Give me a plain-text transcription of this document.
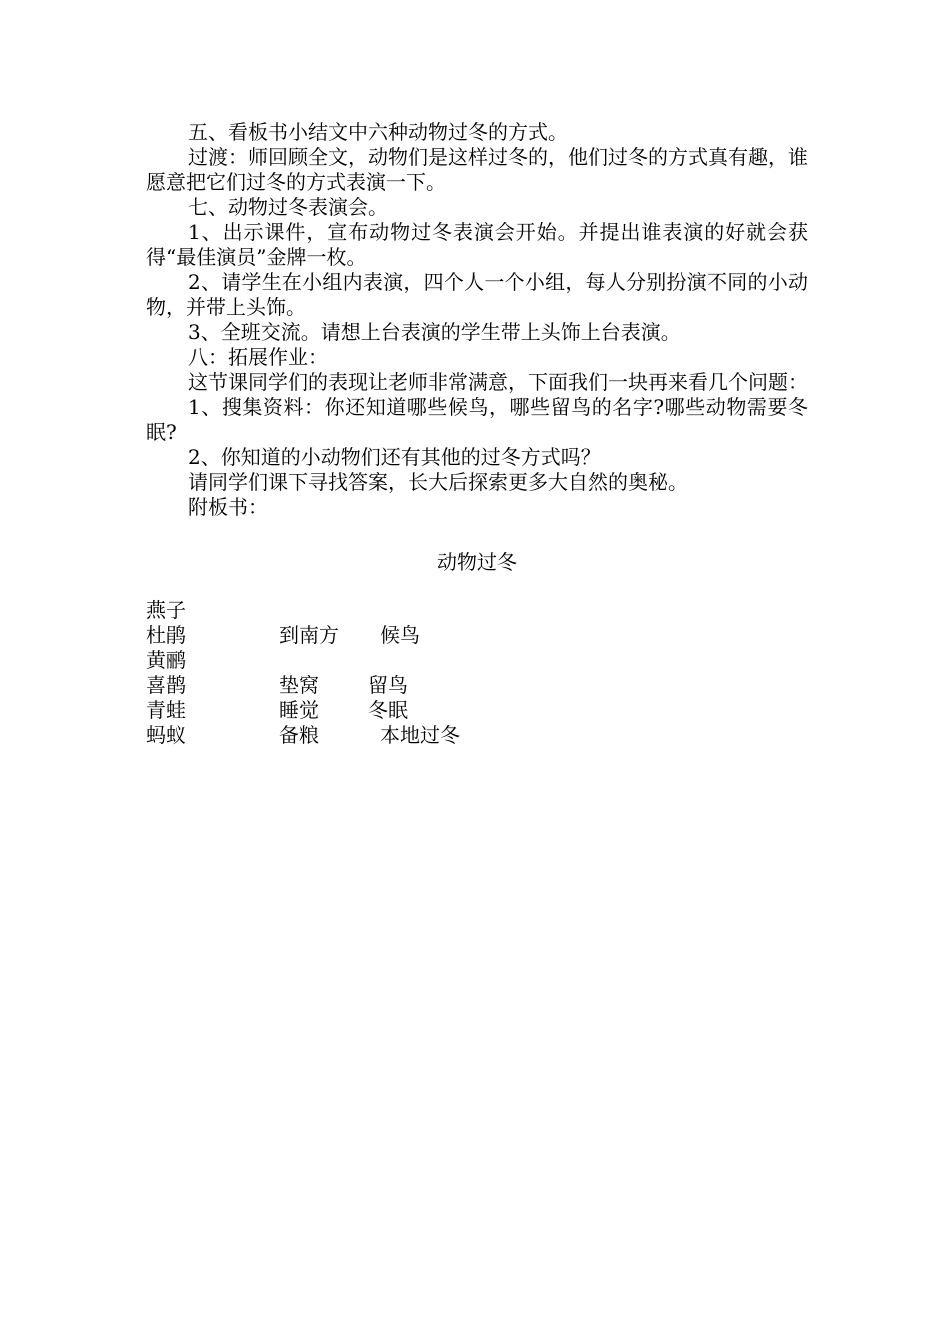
五、看板书小结文中六种动物过冬的方式。

过渡：师回顾全文，动物们是这样过冬的，他们过冬的方式真有趣，谁愿意把它们过冬的方式表演一下。

七、动物过冬表演会。

1、出示课件，宣布动物过冬表演会开始。并提出谁表演的好就会获得“最佳演员”金牌一枚。

2、请学生在小组内表演，四个人一个小组，每人分别扮演不同的小动物，并带上头饰。

3、全班交流。请想上台表演的学生带上头饰上台表演。

八：拓展作业：

这节课同学们的表现让老师非常满意，下面我们一块再来看几个问题：

1、搜集资料：你还知道哪些候鸟，哪些留鸟的名字?哪些动物需要冬眠?

2、你知道的小动物们还有其他的过冬方式吗？

请同学们课下寻找答案，长大后探索更多大自然的奥秘。

附板书：

动物过冬

燕子
杜鹃	到南方 候鸟
黄鹂
喜鹊	垫窝 留鸟
青蛙	睡觉 冬眠
蚂蚁	备粮	本地过冬
